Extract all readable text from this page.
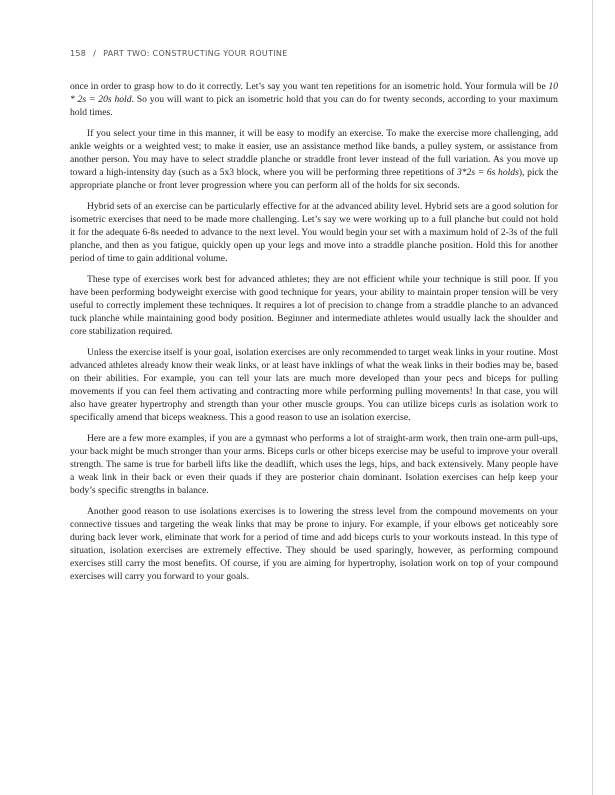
158 / PART TWO: CONSTRUCTING YOUR ROUTINE

once in order to grasp how to do it correctly. Let’s say you want ten repetitions for an isometric hold. Your formula will be 10 * 2s = 20s hold. So you will want to pick an isometric hold that you can do for twenty seconds, according to your maximum hold times.

If you select your time in this manner, it will be easy to modify an exercise. To make the exercise more challenging, add ankle weights or a weighted vest; to make it easier, use an assistance method like bands, a pulley system, or assistance from another person. You may have to select straddle planche or straddle front lever instead of the full variation. As you move up toward a high-intensity day (such as a 5x3 block, where you will be performing three repetitions of 3*2s = 6s holds), pick the appropriate planche or front lever progression where you can perform all of the holds for six seconds.

Hybrid sets of an exercise can be particularly effective for at the advanced ability level. Hybrid sets are a good solution for isometric exercises that need to be made more challenging. Let’s say we were working up to a full planche but could not hold it for the adequate 6-8s needed to advance to the next level. You would begin your set with a maximum hold of 2-3s of the full planche, and then as you fatigue, quickly open up your legs and move into a straddle planche position. Hold this for another period of time to gain additional volume.

These type of exercises work best for advanced athletes; they are not efficient while your technique is still poor. If you have been performing bodyweight exercise with good technique for years, your ability to maintain proper tension will be very useful to correctly implement these techniques. It requires a lot of precision to change from a straddle planche to an advanced tuck planche while maintaining good body position. Beginner and intermediate athletes would usually lack the shoulder and core stabilization required.

Unless the exercise itself is your goal, isolation exercises are only recommended to target weak links in your routine. Most advanced athletes already know their weak links, or at least have inklings of what the weak links in their bodies may be, based on their abilities. For example, you can tell your lats are much more developed than your pecs and biceps for pulling movements if you can feel them activating and contracting more while performing pulling movements! In that case, you will also have greater hypertrophy and strength than your other muscle groups. You can utilize biceps curls as isolation work to specifically amend that biceps weakness. This a good reason to use an isolation exercise.

Here are a few more examples, if you are a gymnast who performs a lot of straight-arm work, then train one-arm pull-ups, your back might be much stronger than your arms. Biceps curls or other biceps exercise may be useful to improve your overall strength. The same is true for barbell lifts like the deadlift, which uses the legs, hips, and back extensively. Many people have a weak link in their back or even their quads if they are posterior chain dominant. Isolation exercises can help keep your body’s specific strengths in balance.

Another good reason to use isolations exercises is to lowering the stress level from the compound movements on your connective tissues and targeting the weak links that may be prone to injury. For example, if your elbows get noticeably sore during back lever work, eliminate that work for a period of time and add biceps curls to your workouts instead. In this type of situation, isolation exercises are extremely effective. They should be used sparingly, however, as performing compound exercises still carry the most benefits. Of course, if you are aiming for hypertrophy, isolation work on top of your compound exercises will carry you forward to your goals.
